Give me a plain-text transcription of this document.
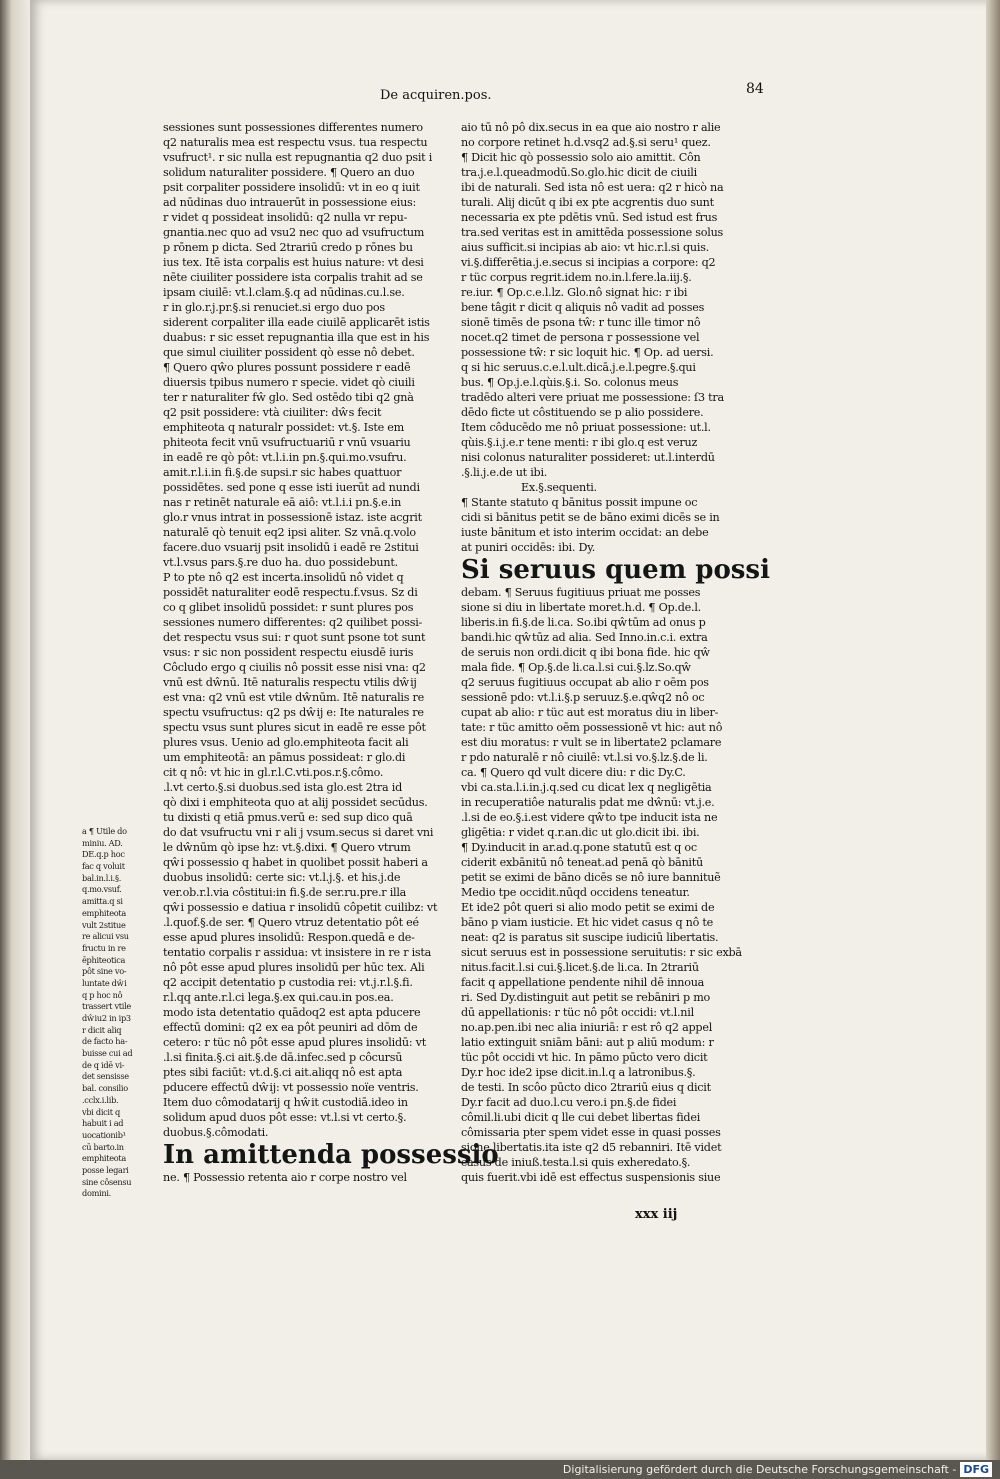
De acquiren.pos.	84
sessiones sunt possessiones differentes numero
q2 naturalis mea est respectu vsus. tua respectu
vsufruct¹. r sic nulla est repugnantia q2 duo psit i
solidum naturaliter possidere. ¶ Quero an duo
psit corpaliter possidere insolidū: vt in eo q iuit
ad nūdinas duo intrauerūt in possessione eius:
r videt q possideat insolidū: q2 nulla vr repu-
gnantia.nec quo ad vsu2 nec quo ad vsufructum
p rōnem p dicta. Sed 2trariū credo p rōnes bu
ius tex. Itē ista corpalis est huius nature: vt desi
nēte ciuiliter possidere ista corpalis trahit ad se
ipsam ciuilē: vt.l.clam.§.q ad nūdinas.cu.l.se.
r in glo.r.j.pr.§.si renuciet.si ergo duo pos
siderent corpaliter illa eade ciuilē applicarēt istis
duabus: r sic esset repugnantia illa que est in his
que simul ciuiliter possident qò esse nô debet.
¶ Quero qŵo plures possunt possidere r eadē
diuersis tpibus numero r specie. videt qò ciuili
ter r naturaliter fŵ glo. Sed ostēdo tibi q2 gnà
q2 psit possidere: vtà ciuiliter: dŵs fecit
emphiteota q naturalr possidet: vt.§. Iste em
phiteota fecit vnū vsufructuariū r vnū vsuariu
in eadē re qò pôt: vt.l.i.in pn.§.qui.mo.vsufru.
amit.r.l.i.in fi.§.de supsi.r sic habes quattuor
possidētes. sed pone q esse isti iuerūt ad nundi
nas r retinēt naturale eā aiô: vt.l.i.i pn.§.e.in
glo.r vnus intrat in possessionē istaz. iste acgrit
naturalē qò tenuit eq2 ipsi aliter. Sz vnā.q.volo
facere.duo vsuarij psit insolidū i eadē re 2stitui
vt.l.vsus pars.§.re duo ha. duo possidebunt.
P to pte nô q2 est incerta.insolidū nô videt q
possidēt naturaliter eodē respectu.f.vsus. Sz di
co q glibet insolidū possidet: r sunt plures pos
sessiones numero differentes: q2 quilibet possi-
det respectu vsus sui: r quot sunt psone tot sunt
vsus: r sic non possident respectu eiusdē iuris
Côcludo ergo q ciuilis nô possit esse nisi vna: q2
vnū est dŵnū. Itē naturalis respectu vtilis dŵij
est vna: q2 vnū est vtile dŵnūm. Itē naturalis re
spectu vsufructus: q2 ps dŵij e: Ite naturales re
spectu vsus sunt plures sicut in eadē re esse pôt
plures vsus. Uenio ad glo.emphiteota facit ali
um emphiteotā: an pāmus possideat: r glo.di
cit q nô: vt hic in gl.r.l.C.vti.pos.r.§.cômo.
.l.vt certo.§.si duobus.sed ista glo.est 2tra id
qò dixi i emphiteota quo at alij possidet secūdus.
tu dixisti q etiā pmus.verū e: sed sup dico quā
do dat vsufructu vni r ali j vsum.secus si daret vni
le dŵnūm qò ipse hz: vt.§.dixi. ¶ Quero vtrum
qŵi possessio q habet in quolibet possit haberi a
duobus insolidū: certe sic: vt.l.j.§. et his.j.de
ver.ob.r.l.via côstitui:in fi.§.de ser.ru.pre.r illa
qŵi possessio e datiua r insolidū côpetit cuilibz: vt
.l.quof.§.de ser. ¶ Quero vtruz detentatio pôt eé
esse apud plures insolidū: Respon.quedā e de-
tentatio corpalis r assidua: vt insistere in re r ista
nô pôt esse apud plures insolidū per hūc tex. Ali
q2 accipit detentatio p custodia rei: vt.j.r.l.§.fi.
r.l.qq ante.r.l.ci lega.§.ex qui.cau.in pos.ea.
modo ista detentatio quādoq2 est apta pducere
effectū domini: q2 ex ea pôt peuniri ad dōm de
cetero: r tüc nô pôt esse apud plures insolidū: vt
.l.si finita.§.ci ait.§.de dā.infec.sed p côcursū
ptes sibi faciūt: vt.d.§.ci ait.aliqq nô est apta
pducere effectū dŵij: vt possessio noïe ventris.
Item duo cômodatarij q hŵit custodiā.ideo in
solidum apud duos pôt esse: vt.l.si vt certo.§.
duobus.§.cômodati.
In amittenda possessio
ne. ¶ Possessio retenta aio r corpe nostro vel
aio tū nô pô dix.secus in ea que aio nostro r alie
no corpore retinet h.d.vsq2 ad.§.si seru¹ quez.
¶ Dicit hic qò possessio solo aio amittit. Côn
tra.j.e.l.queadmodū.So.glo.hic dicit de ciuili
ibi de naturali. Sed ista nô est uera: q2 r hicò na
turali. Alij dicūt q ibi ex pte acgrentis duo sunt
necessaria ex pte pdētis vnū. Sed istud est frus
tra.sed veritas est in amittēda possessione solus
aius sufficit.si incipias ab aio: vt hic.r.l.si quis.
vi.§.differētia.j.e.secus si incipias a corpore: q2
r tüc corpus regrit.idem no.in.l.fere.la.iij.§.
re.iur. ¶ Op.c.e.l.lz. Glo.nô signat hic: r ibi
bene tâgit r dicit q aliquis nô vadit ad posses
sionē timēs de psona tŵ: r tunc ille timor nô
nocet.q2 timet de persona r possessione vel
possessione tŵ: r sic loquit hic. ¶ Op. ad uersi.
q si hic seruus.c.e.l.ult.dicā.j.e.l.pegre.§.qui
bus. ¶ Op.j.e.l.qùis.§.i. So. colonus meus
tradēdo alteri vere priuat me possessione: ſ3 tra
dēdo ficte ut côstituendo se p alio possidere.
Item côducēdo me nô priuat possessione: ut.l.
qùis.§.i.j.e.r tene menti: r ibi glo.q est veruz
nisi colonus naturaliter possideret: ut.l.interdū
.§.li.j.e.de ut ibi.
Ex.§.sequenti.
¶ Stante statuto q bānitus possit impune oc
cidi si bānitus petit se de bāno eximi dicēs se in
iuste bānitum et isto interim occidat: an debe
at puniri occidēs: ibi. Dy.
Si seruus quem possi
debam. ¶ Seruus fugitiuus priuat me posses
sione si diu in libertate moret.h.d. ¶ Op.de.l.
liberis.in fi.§.de li.ca. So.ibi qŵtūm ad onus p
bandi.hic qŵtūz ad alia. Sed Inno.in.c.i. extra
de seruis non ordi.dicit q ibi bona fide. hic qŵ
mala fide. ¶ Op.§.de li.ca.l.si cui.§.lz.So.qŵ
q2 seruus fugitiuus occupat ab alio r oēm pos
sessionē pdo: vt.l.i.§.p seruuz.§.e.qŵq2 nô oc
cupat ab alio: r tüc aut est moratus diu in liber-
tate: r tüc amitto oēm possessionē vt hic: aut nô
est diu moratus: r vult se in libertate2 pclamare
r pdo naturalē r nô ciuilē: vt.l.si vo.§.lz.§.de li.
ca. ¶ Quero qd vult dicere diu: r dic Dy.C.
vbi ca.sta.l.i.in.j.q.sed cu dicat lex q negligētia
in recuperatiôe naturalis pdat me dŵnū: vt.j.e.
.l.si de eo.§.i.est videre qŵto tpe inducit ista ne
gligētia: r videt q.r.an.dic ut glo.dicit ibi. ibi.
¶ Dy.inducit in ar.ad.q.pone statutū est q oc
ciderit exbānitū nô teneat.ad penā qò bānitū
petit se eximi de bāno dicēs se nô iure bannituẽ
Medio tpe occidit.nūqd occidens teneatur.
Et ide2 pôt queri si alio modo petit se eximi de
bāno p viam iusticie. Et hic videt casus q nô te
neat: q2 is paratus sit suscipe iudiciū libertatis.
sicut seruus est in possessione seruitutis: r sic exbā
nitus.facit.l.si cui.§.licet.§.de li.ca. In 2trariū
facit q appellatione pendente nihil dē innoua
ri. Sed Dy.distinguit aut petit se rebāniri p mo
dū appellationis: r tüc nô pôt occidi: vt.l.nil
no.ap.pen.ibi nec alia iniuriā: r est rô q2 appel
latio extinguit sniām bāni: aut p aliū modum: r
tüc pôt occidi vt hic. In pāmo pūcto vero dicit
Dy.r hoc ide2 ipse dicit.in.l.q a latronibus.§.
de testi. In scôo pūcto dico 2trariū eius q dicit
Dy.r facit ad duo.l.cu vero.i pn.§.de fidei
cômil.li.ubi dicit q lle cui debet libertas fidei
cômissaria pter spem videt esse in quasi posses
sione libertatis.ita iste q2 d5 rebanniri. Itē videt
casus de iniuß.testa.l.si quis exheredato.§.
quis fuerit.vbi idē est effectus suspensionis siue
a ¶ Utile do
miniu. AD.
DE.q.p hoc
fac q voluit
bal.in.l.i.§.
q.mo.vsuf.
amitta.q si
emphiteota
vult 2stitue
re alicui vsu
fructu in re
ēphiteotica
pôt sine vo-
luntate dŵi
q p hoc nô
trassert vtile
dŵiu2 in ip3
r dicit aliq
de facto ha-
buisse cui ad
de q idē vi-
det sensisse
bal. consilio
.cclx.i.lib.
vbi dicit q
habuit i ad
uocationib¹
cū barto.in
emphiteota
posse legari
sine côsensu
domini.
xxx iij
Digitalisierung gefördert durch die Deutsche Forschungsgemeinschaft - DFG
